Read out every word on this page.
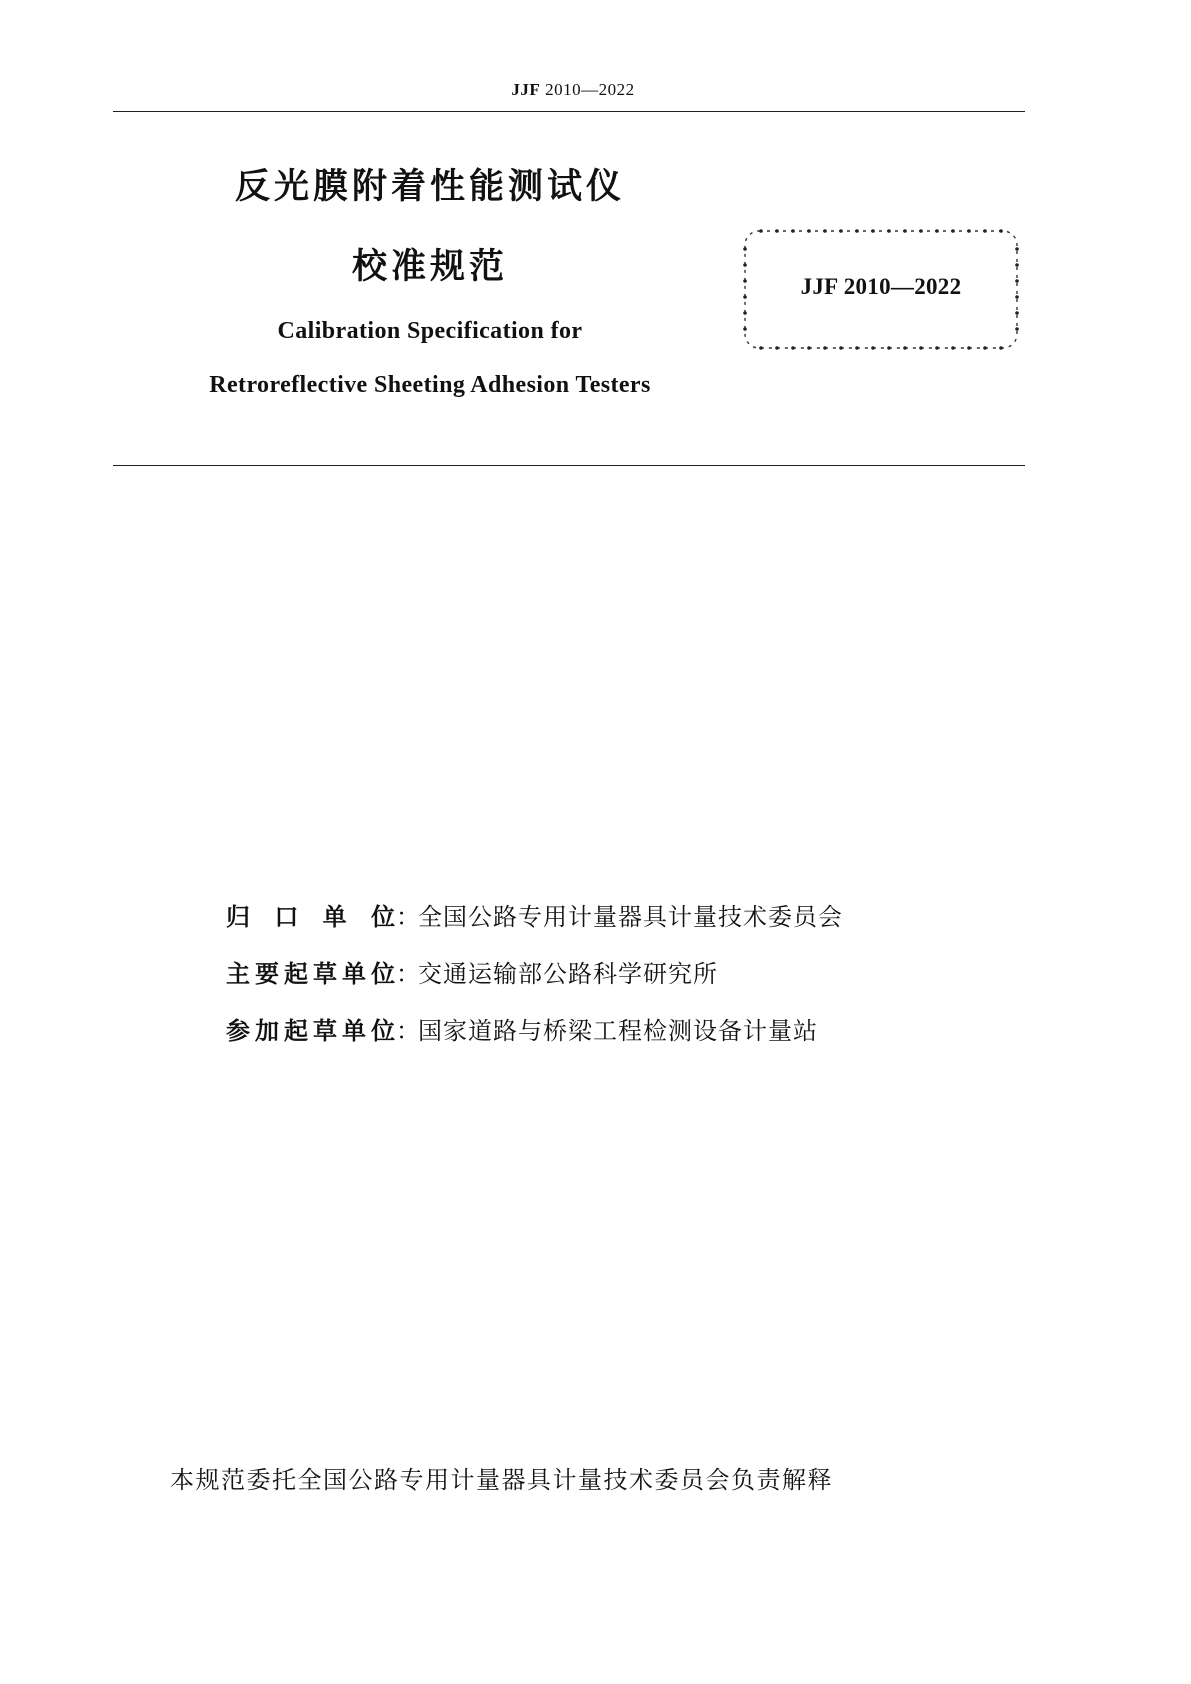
JJF 2010—2022
反光膜附着性能测试仪
校准规范

Calibration Specification for

Retroreflective Sheeting Adhesion Testers

JJF 2010—2022
归口单位 ：
全国公路专用计量器具计量技术委员会
主要起草单位 ：
交通运输部公路科学研究所
参加起草单位 ：
国家道路与桥梁工程检测设备计量站
本规范委托全国公路专用计量器具计量技术委员会负责解释
